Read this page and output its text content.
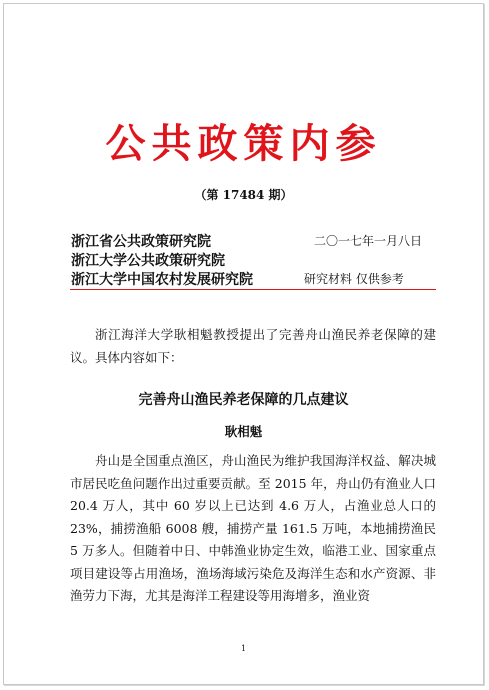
公共政策内参
（第 17484 期）
浙江省公共政策研究院
浙江大学公共政策研究院
浙江大学中国农村发展研究院
二〇一七年一月八日
研究材料 仅供参考
浙江海洋大学耿相魁教授提出了完善舟山渔民养老保障的建议。具体内容如下：
完善舟山渔民养老保障的几点建议
耿相魁
舟山是全国重点渔区，舟山渔民为维护我国海洋权益、解决城市居民吃鱼问题作出过重要贡献。至 2015 年，舟山仍有渔业人口 20.4 万人，其中 60 岁以上已达到 4.6 万人，占渔业总人口的 23%，捕捞渔船 6008 艘，捕捞产量 161.5 万吨，本地捕捞渔民 5 万多人。但随着中日、中韩渔业协定生效，临港工业、国家重点项目建设等占用渔场，渔场海域污染危及海洋生态和水产资源、非渔劳力下海，尤其是海洋工程建设等用海增多，渔业资
1
